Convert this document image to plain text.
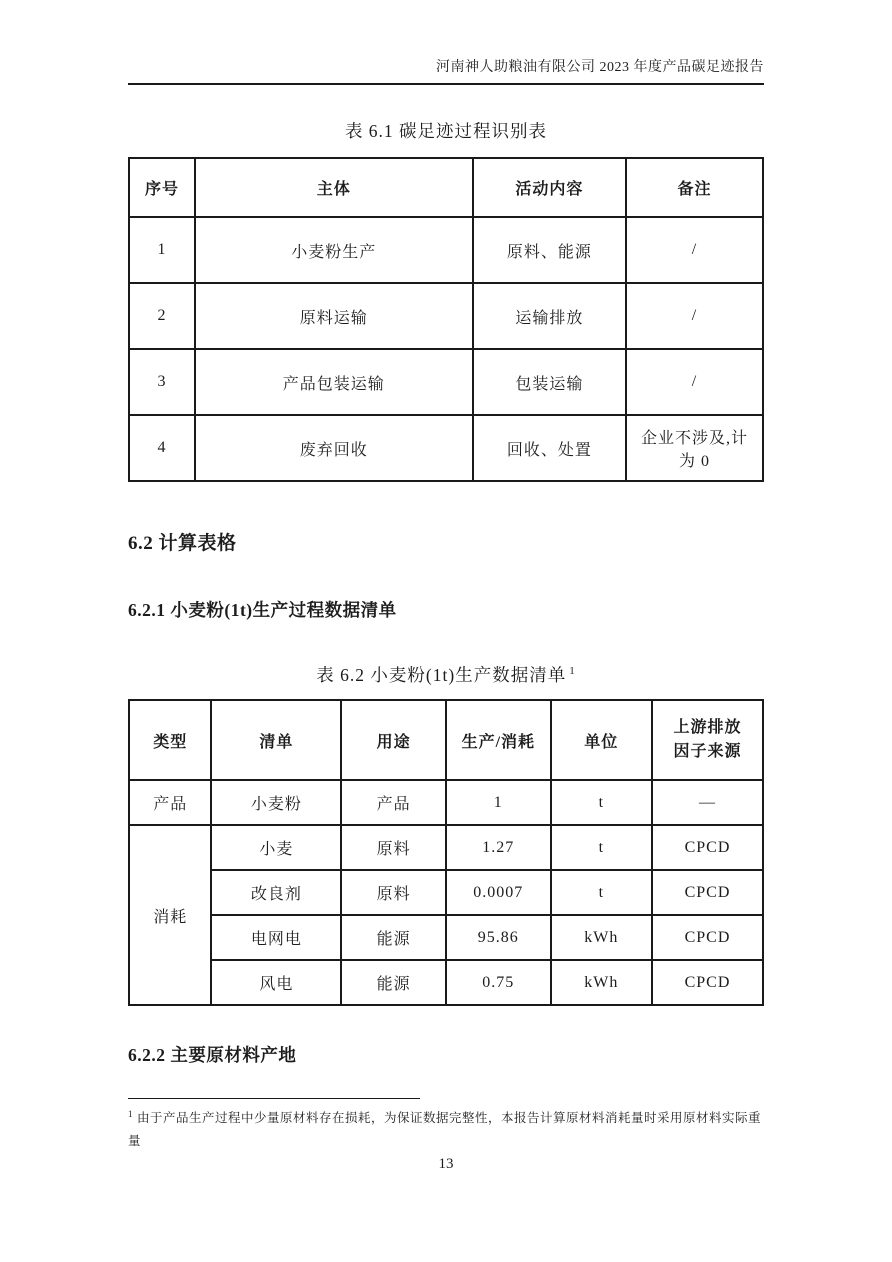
河南神人助粮油有限公司 2023 年度产品碳足迹报告
表 6.1 碳足迹过程识别表
序号	主体	活动内容	备注
1	小麦粉生产	原料、能源	/
2	原料运输	运输排放	/
3	产品包装运输	包装运输	/
4	废弃回收	回收、处置	企业不涉及,计为 0
6.2 计算表格
6.2.1 小麦粉(1t)生产过程数据清单
表 6.2 小麦粉(1t)生产数据清单 $^1$
类型	清单	用途	生产/消耗	单位	上游排放因子来源
产品	小麦粉	产品	1	t	—
消耗	小麦	原料	1.27	t	CPCD
	改良剂	原料	0.0007	t	CPCD
	电网电	能源	95.86	kWh	CPCD
	风电	能源	0.75	kWh	CPCD
6.2.2 主要原材料产地
$^1$ 由于产品生产过程中少量原材料存在损耗，为保证数据完整性，本报告计算原材料消耗量时采用原材料实际重量
13
